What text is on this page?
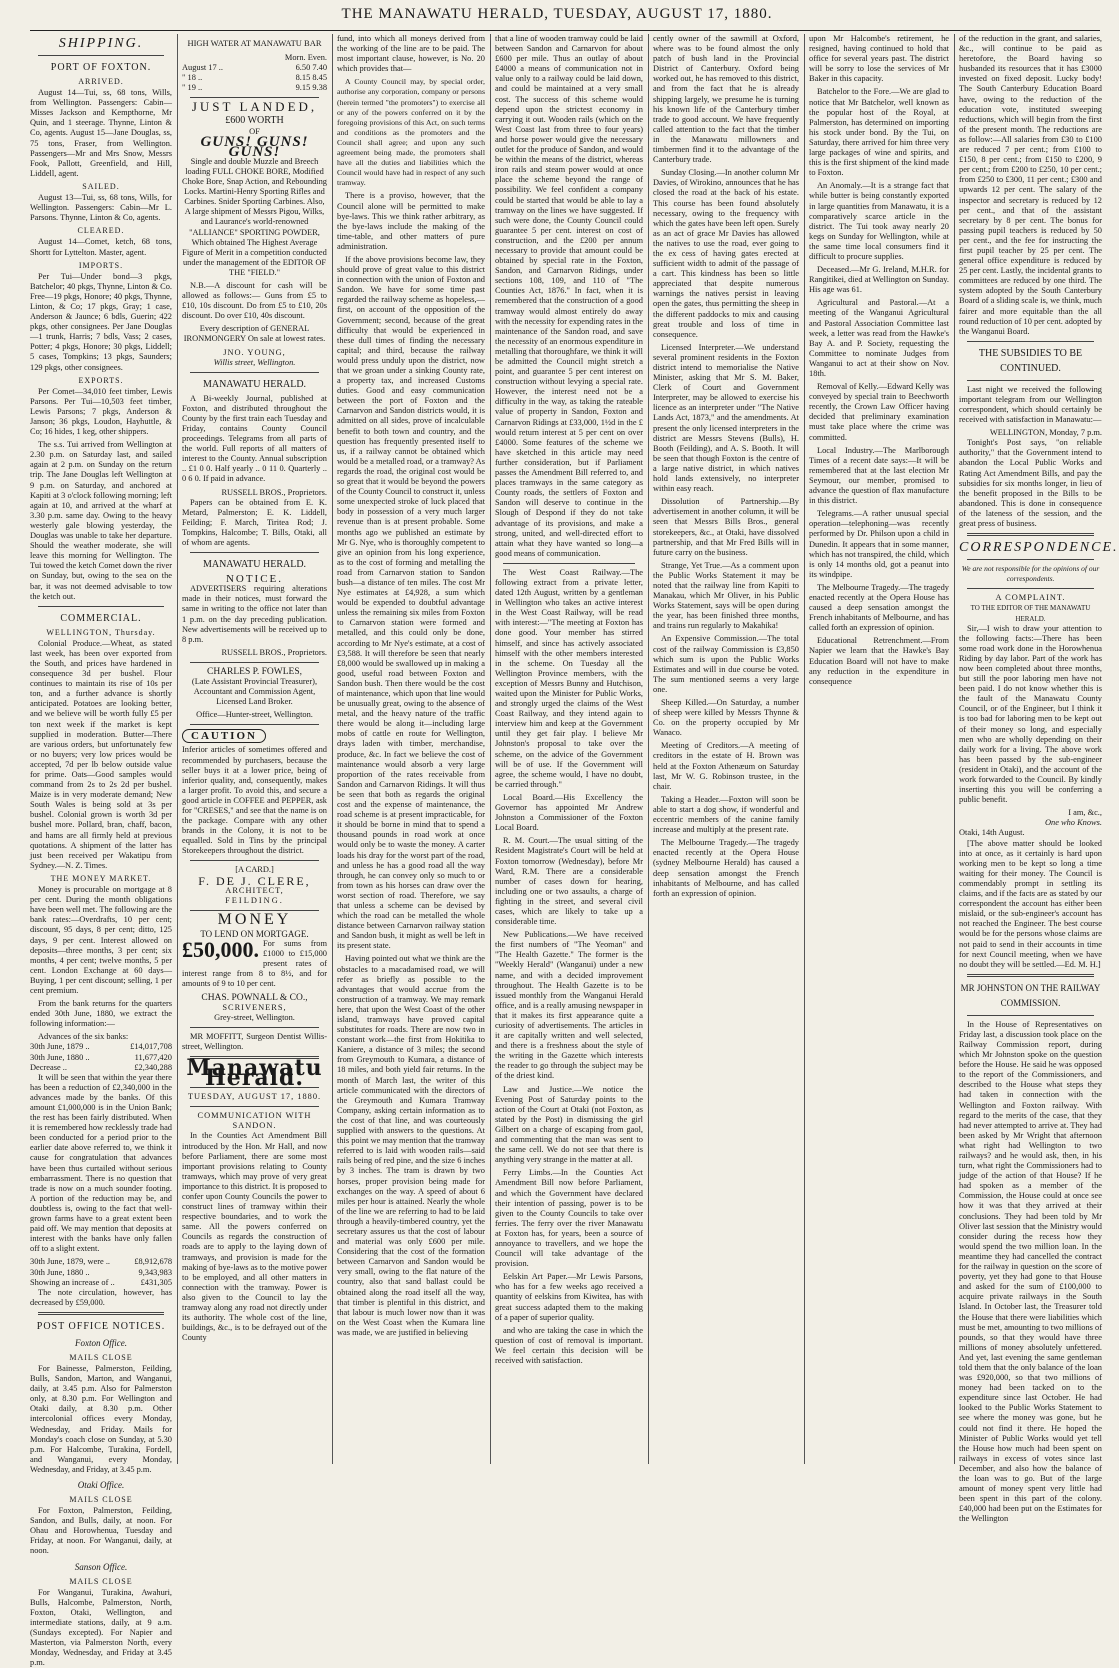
THE MANAWATU HERALD, TUESDAY, AUGUST 17, 1880.
SHIPPING.
PORT OF FOXTON.
ARRIVED.

August 14—Tui, ss, 68 tons, Wills, from Wellington. Passengers: Cabin—Misses Jackson and Kempthorne, Mr Quin, and 1 steerage. Thynne, Linton & Co, agents. August 15—Jane Douglas, ss, 75 tons, Fraser, from Wellington. Passengers—Mr and Mrs Snow, Messrs Fook, Pallott, Greenfield, and Hill, Liddell, agent.

SAILED.

August 13—Tui, ss, 68 tons, Wills, for Wellington. Passengers: Cabin—Mr L. Parsons. Thynne, Linton & Co, agents.

CLEARED.

August 14—Comet, ketch, 68 tons, Shortt for Lyttelton. Master, agent.

IMPORTS.

Per Tui—Under bond—3 pkgs, Batchelor; 40 pkgs, Thynne, Linton & Co. Free—19 pkgs, Honore; 40 pkgs, Thynne, Linton, & Co; 17 pkgs, Gray; 1 case, Anderson & Jaunce; 6 bdls, Guerin; 422 pkgs, other consignees. Per Jane Douglas—1 trunk, Harris; 7 bdls, Vass; 2 cases, Potter; 4 pkgs, Honore; 30 pkgs, Liddell; 5 cases, Tompkins; 13 pkgs, Saunders; 129 pkgs, other consignees.

EXPORTS.

Per Comet—34,010 feet timber, Lewis Parsons. Per Tui—10,503 feet timber, Lewis Parsons; 7 pkgs, Anderson & Janson; 36 pkgs, Loudon, Hayhuttle, & Co; 16 hides, 1 keg, other shippers.

The s.s. Tui arrived from Wellington at 2.30 p.m. on Saturday last, and sailed again at 2 p.m. on Sunday on the return trip. The Jane Douglas left Wellington at 9 p.m. on Saturday, and anchored at Kapiti at 3 o'clock following morning; left again at 10, and arrived at the wharf at 3.30 p.m. same day. Owing to the heavy westerly gale blowing yesterday, the Douglas was unable to take her departure. Should the weather moderate, she will leave this morning for Wellington. The Tui towed the ketch Comet down the river on Sunday, but, owing to the sea on the bar, it was not deemed advisable to tow the ketch out.

COMMERCIAL.
WELLINGTON, Thursday.

Colonial Produce.—Wheat, as stated last week, has been over exported from the South, and prices have hardened in consequence 3d per bushel. Flour continues to maintain its rise of 10s per ton, and a further advance is shortly anticipated. Potatoes are looking better, and we believe will be worth fully £5 per ton next week if the market is kept supplied in moderation. Butter—There are various orders, but unfortunately few or no buyers; very low prices would be accepted, 7d per lb below outside value for prime. Oats—Good samples would command from 2s to 2s 2d per bushel. Maize is in very moderate demand; New South Wales is being sold at 3s per bushel. Colonial grown is worth 3d per bushel more. Pollard, bran, chaff, bacon, and hams are all firmly held at previous quotations. A shipment of the latter has just been received per Wakatipu from Sydney.—N. Z. Times.

THE MONEY MARKET.

Money is procurable on mortgage at 8 per cent. During the month obligations have been well met. The following are the bank rates:—Overdrafts, 10 per cent; discount, 95 days, 8 per cent; ditto, 125 days, 9 per cent. Interest allowed on deposits—three months, 3 per cent; six months, 4 per cent; twelve months, 5 per cent. London Exchange at 60 days—Buying, 1 per cent discount; selling, 1 per cent premium.

From the bank returns for the quarters ended 30th June, 1880, we extract the following information:—

Advances of the six banks:
30th June, 1879 ..	£14,017,708
30th June, 1880 ..	11,677,420
Decrease ..	£2,340,288

It will be seen that within the year there has been a reduction of £2,340,000 in the advances made by the banks. Of this amount £1,000,000 is in the Union Bank; the rest has been fairly distributed. When it is remembered how recklessly trade had been conducted for a period prior to the earlier date above referred to, we think it cause for congratulation that advances have been thus curtailed without serious embarrassment. There is no question that trade is now on a much sounder footing. A portion of the reduction may be, and doubtless is, owing to the fact that well-grown farms have to a great extent been paid off. We may mention that deposits at interest with the banks have only fallen off to a slight extent.

30th June, 1879, were ..	£8,912,678
30th June, 1880 ..	9,343,983
Showing an increase of ..	£431,305

The note circulation, however, has decreased by £59,000.

POST OFFICE NOTICES.
Foxton Office.
MAILS CLOSE

For Bainesse, Palmerston, Feilding, Bulls, Sandon, Marton, and Wanganui, daily, at 3.45 p.m. Also for Palmerston only, at 8.30 p.m. For Wellington and Otaki daily, at 8.30 p.m. Other intercolonial offices every Monday, Wednesday, and Friday. Mails for Monday's coach close on Sunday, at 5.30 p.m. For Halcombe, Turakina, Fordell, and Wanganui, every Monday, Wednesday, and Friday, at 3.45 p.m.

Otaki Office.
MAILS CLOSE

For Foxton, Palmerston, Feilding, Sandon, and Bulls, daily, at noon. For Ohau and Horowhenua, Tuesday and Friday, at noon. For Wanganui, daily, at noon.

Sanson Office.
MAILS CLOSE

For Wanganui, Turakina, Awahuri, Bulls, Halcombe, Palmerston, North, Foxton, Otaki, Wellington, and intermediate stations, daily, at 9 a.m. (Sundays excepted). For Napier and Masterton, via Palmerston North, every Monday, Wednesday, and Friday at 3.45 p.m.

HIGH WATER AT MANAWATU BAR
Morn. Even.
August 17 ..	6.50 7.40
" 18 ..	8.15 8.45
" 19 ..	9.15 9.38
JUST LANDED,
£600 WORTH
OF
GUNS! GUNS! GUNS!

Single and double Muzzle and Breech loading FULL CHOKE BORE, Modified Choke Bore, Snap Action, and Rebounding Locks. Martini-Henry Sporting Rifles and Carbines. Snider Sporting Carbines. Also, A large shipment of Messrs Pigou, Wilks, and Laurance's world-renowned "ALLIANCE" SPORTING POWDER, Which obtained The Highest Average Figure of Merit in a competition conducted under the management of the EDITOR OF THE "FIELD."

N.B.—A discount for cash will be allowed as follows:— Guns from £5 to £10, 10s discount. Do from £5 to £10, 20s discount. Do over £10, 40s discount.

Every description of GENERAL IRONMONGERY On sale at lowest rates.

JNO. YOUNG,
Willis street, Wellington.
MANAWATU HERALD.

A Bi-weekly Journal, published at Foxton, and distributed throughout the County by the first train each Tuesday and Friday, contains County Council proceedings. Telegrams from all parts of the world. Full reports of all matters of interest to the County. Annual subscription .. £1 0 0. Half yearly .. 0 11 0. Quarterly .. 0 6 0. If paid in advance.

RUSSELL BROS., Proprietors.

Papers can be obtained from E. K. Metard, Palmerston; E. K. Liddell, Feilding; F. March, Tiritea Rod; J. Tompkins, Halcombe; T. Bills, Otaki, all of whom are agents.

MANAWATU HERALD.
NOTICE.

ADVERTISERS requiring alterations made in their notices, must forward the same in writing to the office not later than 1 p.m. on the day preceding publication. New advertisements will be received up to 8 p.m.

RUSSELL BROS., Proprietors.
CHARLES P. FOWLES,

(Late Assistant Provincial Treasurer), Accountant and Commission Agent, Licensed Land Broker.

Office—Hunter-street, Wellington.
CAUTION

Inferior articles of sometimes offered and recommended by purchasers, because the seller buys it at a lower price, being of inferior quality, and, consequently, makes a larger profit. To avoid this, and secure a good article in COFFEE and PEPPER, ask for "CRESES," and see that the name is on the package. Compare with any other brands in the Colony, it is not to be equalled. Sold in Tins by the principal Storekeepers throughout the district.

[A CARD.]
F. DE J. CLERE,
ARCHITECT,
FEILDING.
MONEY
TO LEND ON MORTGAGE.
£50,000. For sums from £1000 to £15,000 present rates of interest range from 8 to 8½, and for amounts of 9 to 10 per cent.
CHAS. POWNALL & CO.,
SCRIVENERS,
Grey-street, Wellington.

MR MOFFITT, Surgeon Dentist Willis-street, Wellington.

Manawatu Herald.
TUESDAY, AUGUST 17, 1880.
COMMUNICATION WITH SANDON.

In the Counties Act Amendment Bill introduced by the Hon. Mr Hall, and now before Parliament, there are some most important provisions relating to County tramways, which may prove of very great importance to this district. It is proposed to confer upon County Councils the power to construct lines of tramway within their respective boundaries, and to work the same. All the powers conferred on Councils as regards the construction of roads are to apply to the laying down of tramways, and provision is made for the making of bye-laws as to the motive power to be employed, and all other matters in connection with the tramway. Power is also given to the Council to lay the tramway along any road not directly under its authority. The whole cost of the line, buildings, &c., is to be defrayed out of the County

fund, into which all moneys derived from the working of the line are to be paid. The most important clause, however, is No. 20 which provides that—

A County Council may, by special order, authorise any corporation, company or persons (herein termed "the promoters") to exercise all or any of the powers conferred on it by the foregoing provisions of this Act, on such terms and conditions as the promoters and the Council shall agree; and upon any such agreement being made, the promoters shall have all the duties and liabilities which the Council would have had in respect of any such tramway.

There is a proviso, however, that the Council alone will be permitted to make bye-laws. This we think rather arbitrary, as the bye-laws include the making of the time-table, and other matters of pure administration.

If the above provisions become law, they should prove of great value to this district in connection with the union of Foxton and Sandon. We have for some time past regarded the railway scheme as hopeless,—first, on account of the opposition of the Government; second, because of the great difficulty that would be experienced in these dull times of finding the necessary capital; and third, because the railway would press unduly upon the district, now that we groan under a sinking County rate, a property tax, and increased Customs duties. Good and easy communication between the port of Foxton and the Carnarvon and Sandon districts would, it is admitted on all sides, prove of incalculable benefit to both town and country, and the question has frequently presented itself to us, if a railway cannot be obtained which would be a metalled road, or a tramway? As regards the road, the original cost would be so great that it would be beyond the powers of the County Council to construct it, unless some unexpected stroke of luck placed that body in possession of a very much larger revenue than is at present probable. Some months ago we published an estimate by Mr G. Nye, who is thoroughly competent to give an opinion from his long experience, as to the cost of forming and metalling the road from Carnarvon station to Sandon bush—a distance of ten miles. The cost Mr Nye estimates at £4,928, a sum which would be expended to doubtful advantage unless the remaining six miles from Foxton to Carnarvon station were formed and metalled, and this could only be done, according to Mr Nye's estimate, at a cost of £3,588. It will therefore be seen that nearly £8,000 would be swallowed up in making a good, useful road between Foxton and Sandon bush. Then there would be the cost of maintenance, which upon that line would be unusually great, owing to the absence of metal, and the heavy nature of the traffic there would be along it—including large mobs of cattle en route for Wellington, drays laden with timber, merchandise, produce, &c. In fact we believe the cost of maintenance would absorb a very large proportion of the rates receivable from Sandon and Carnarvon Ridings. It will thus be seen that both as regards the original cost and the expense of maintenance, the road scheme is at present impracticable, for it should be borne in mind that to spend a thousand pounds in road work at once would only be to waste the money. A carter loads his dray for the worst part of the road, and unless he has a good road all the way through, he can convey only so much to or from town as his horses can draw over the worst section of road. Therefore, we say that unless a scheme can be devised by which the road can be metalled the whole distance between Carnarvon railway station and Sandon bush, it might as well be left in its present state.

Having pointed out what we think are the obstacles to a macadamised road, we will refer as briefly as possible to the advantages that would accrue from the construction of a tramway. We may remark here, that upon the West Coast of the other island, tramways have proved capital substitutes for roads. There are now two in constant work—the first from Hokitika to Kaniere, a distance of 3 miles; the second from Greymouth to Kumara, a distance of 18 miles, and both yield fair returns. In the month of March last, the writer of this article communicated with the directors of the Greymouth and Kumara Tramway Company, asking certain information as to the cost of that line, and was courteously supplied with answers to the questions. At this point we may mention that the tramway referred to is laid with wooden rails—said rails being of red pine, and the size 6 inches by 3 inches. The tram is drawn by two horses, proper provision being made for exchanges on the way. A speed of about 6 miles per hour is attained. Nearly the whole of the line we are referring to had to be laid through a heavily-timbered country, yet the secretary assures us that the cost of labour and material was only £600 per mile. Considering that the cost of the formation between Carnarvon and Sandon would be very small, owing to the flat nature of the country, also that sand ballast could be obtained along the road itself all the way, that timber is plentiful in this district, and that labour is much lower now than it was on the West Coast when the Kumara line was made, we are justified in believing

that a line of wooden tramway could be laid between Sandon and Carnarvon for about £600 per mile. Thus an outlay of about £4000 a means of communication not in value only to a railway could be laid down, and could be maintained at a very small cost. The success of this scheme would depend upon the strictest economy in carrying it out. Wooden rails (which on the West Coast last from three to four years) and horse power would give the necessary outlet for the produce of Sandon, and would be within the means of the district, whereas iron rails and steam power would at once place the scheme beyond the range of possibility. We feel confident a company could be started that would be able to lay a tramway on the lines we have suggested. If such were done, the County Council could guarantee 5 per cent. interest on cost of construction, and the £200 per annum necessary to provide that amount could be obtained by special rate in the Foxton, Sandon, and Carnarvon Ridings, under sections 108, 109, and 110 of "The Counties Act, 1876." In fact, when it is remembered that the construction of a good tramway would almost entirely do away with the necessity for expending rates in the maintenance of the Sandon road, and save the necessity of an enormous expenditure in metalling that thoroughfare, we think it will be admitted the Council might stretch a point, and guarantee 5 per cent interest on construction without levying a special rate. However, the interest need not be a difficulty in the way, as taking the rateable value of property in Sandon, Foxton and Carnarvon Ridings at £33,000, 1½d in the £ would return interest at 5 per cent on over £4000. Some features of the scheme we have sketched in this article may need further consideration, but if Parliament passes the Amendment Bill referred to, and places tramways in the same category as County roads, the settlers of Foxton and Sandon will deserve to continue in the Slough of Despond if they do not take advantage of its provisions, and make a strong, united, and well-directed effort to attain what they have wanted so long—a good means of communication.

The West Coast Railway.—The following extract from a private letter, dated 12th August, written by a gentleman in Wellington who takes an active interest in the West Coast Railway, will be read with interest:—"The meeting at Foxton has done good. Your member has stirred himself, and since has actively associated himself with the other members interested in the scheme. On Tuesday all the Wellington Province members, with the exception of Messrs Bunny and Hutchison, waited upon the Minister for Public Works, and strongly urged the claims of the West Coast Railway, and they intend again to interview him and keep at the Government until they get fair play. I believe Mr Johnston's proposal to take over the scheme, on the advice of the Government will be of use. If the Government will agree, the scheme would, I have no doubt, be carried through."

Local Board.—His Excellency the Governor has appointed Mr Andrew Johnston a Commissioner of the Foxton Local Board.

R. M. Court.—The usual sitting of the Resident Magistrate's Court will be held at Foxton tomorrow (Wednesday), before Mr Ward, R.M. There are a considerable number of cases down for hearing, including one or two assaults, a charge of fighting in the street, and several civil cases, which are likely to take up a considerable time.

New Publications.—We have received the first numbers of "The Yeoman" and "The Health Gazette." The former is the "Weekly Herald" (Wanganui) under a new name, and with a decided improvement throughout. The Health Gazette is to be issued monthly from the Wanganui Herald office, and is a really amusing newspaper in that it makes its first appearance quite a curiosity of advertisements. The articles in it are capitally written and well selected, and there is a freshness about the style of the writing in the Gazette which interests the reader to go through the subject may be of the driest kind.

Law and Justice.—We notice the Evening Post of Saturday points to the action of the Court at Otaki (not Foxton, as stated by the Post) in dismissing the girl Gilbert on a charge of escaping from gaol, and commenting that the man was sent to the same cell. We do not see that there is anything very strange in the matter at all.

Ferry Limbs.—In the Counties Act Amendment Bill now before Parliament, and which the Government have declared their intention of passing, power is to be given to the County Councils to take over ferries. The ferry over the river Manawatu at Foxton has, for years, been a source of annoyance to travellers, and we hope the Council will take advantage of the provision.

Eelskin Art Paper.—Mr Lewis Parsons, who has for a few weeks ago received a quantity of eelskins from Kiwitea, has with great success adapted them to the making of a paper of superior quality.

and who are taking the case in which the question of cost of removal is important. We feel certain this decision will be received with satisfaction.

cently owner of the sawmill at Oxford, where was to be found almost the only patch of bush land in the Provincial District of Canterbury. Oxford being worked out, he has removed to this district, and from the fact that he is already shipping largely, we presume he is turning his known life of the Canterbury timber trade to good account. We have frequently called attention to the fact that the timber in the Manawatu millowners and timbermen find it to the advantage of the Canterbury trade.

Sunday Closing.—In another column Mr Davies, of Wirokino, announces that he has closed the road at the back of his estate. This course has been found absolutely necessary, owing to the frequency with which the gates have been left open. Surely as an act of grace Mr Davies has allowed the natives to use the road, ever going to the ex cess of having gates erected at sufficient width to admit of the passage of a cart. This kindness has been so little appreciated that despite numerous warnings the natives persist in leaving open the gates, thus permitting the sheep in the different paddocks to mix and causing great trouble and loss of time in consequence.

Licensed Interpreter.—We understand several prominent residents in the Foxton district intend to memorialise the Native Minister, asking that Mr S. M. Baker, Clerk of Court and Government Interpreter, may be allowed to exercise his licence as an interpreter under "The Native Lands Act, 1873," and the amendments. At present the only licensed interpreters in the district are Messrs Stevens (Bulls), H. Booth (Feilding), and A. S. Booth. It will be seen that though Foxton is the centre of a large native district, in which natives hold lands extensively, no interpreter within easy reach.

Dissolution of Partnership.—By advertisement in another column, it will be seen that Messrs Bills Bros., general storekeepers, &c., at Otaki, have dissolved partnership, and that Mr Fred Bills will in future carry on the business.

Strange, Yet True.—As a comment upon the Public Works Statement it may be noted that the railway line from Kapiti to Manakau, which Mr Oliver, in his Public Works Statement, says will be open during the year, has been finished three months, and trains run regularly to Makahika!

An Expensive Commission.—The total cost of the railway Commission is £3,850 which sum is upon the Public Works Estimates and will in due course be voted. The sum mentioned seems a very large one.

Sheep Killed.—On Saturday, a number of sheep were killed by Messrs Thynne & Co. on the property occupied by Mr Wanaco.

Meeting of Creditors.—A meeting of creditors in the estate of H. Brown was held at the Foxton Athenæum on Saturday last, Mr W. G. Robinson trustee, in the chair.

Taking a Header.—Foxton will soon be able to start a dog show, if wonderful and eccentric members of the canine family increase and multiply at the present rate.

The Melbourne Tragedy.—The tragedy enacted recently at the Opera House (sydney Melbourne Herald) has caused a deep sensation amongst the French inhabitants of Melbourne, and has called forth an expression of opinion.

upon Mr Halcombe's retirement, he resigned, having continued to hold that office for several years past. The district will be sorry to lose the services of Mr Baker in this capacity.

Batchelor to the Fore.—We are glad to notice that Mr Batchelor, well known as the popular host of the Royal, at Palmerston, has determined on importing his stock under bond. By the Tui, on Saturday, there arrived for him three very large packages of wine and spirits, and this is the first shipment of the kind made to Foxton.

An Anomaly.—It is a strange fact that while butter is being constantly exported in large quantities from Manawatu, it is a comparatively scarce article in the district. The Tui took away nearly 20 kegs on Sunday for Wellington, while at the same time local consumers find it difficult to procure supplies.

Deceased.—Mr G. Ireland, M.H.R. for Rangitikei, died at Wellington on Sunday. His age was 61.

Agricultural and Pastoral.—At a meeting of the Wanganui Agricultural and Pastoral Association Committee last week, a letter was read from the Hawke's Bay A. and P. Society, requesting the Committee to nominate Judges from Wanganui to act at their show on Nov. 18th.

Removal of Kelly.—Edward Kelly was conveyed by special train to Beechworth recently, the Crown Law Officer having decided that preliminary examination must take place where the crime was committed.

Local Industry.—The Marlborough Times of a recent date says:—It will be remembered that at the last election Mr Seymour, our member, promised to advance the question of flax manufacture in this district.

Telegrams.—A rather unusual special operation—telephoning—was recently performed by Dr. Philson upon a child in Dunedin. It appears that in some manner, which has not transpired, the child, which is only 14 months old, got a peanut into its windpipe.

The Melbourne Tragedy.—The tragedy enacted recently at the Opera House has caused a deep sensation amongst the French inhabitants of Melbourne, and has called forth an expression of opinion.

Educational Retrenchment.—From Napier we learn that the Hawke's Bay Education Board will not have to make any reduction in the expenditure in consequence

of the reduction in the grant, and salaries, &c., will continue to be paid as heretofore, the Board having so husbanded its resources that it has £3000 invested on fixed deposit. Lucky body! The South Canterbury Education Board have, owing to the reduction of the education vote, instituted sweeping reductions, which will begin from the first of the present month. The reductions are as follow:—All salaries from £30 to £100 are reduced 7 per cent.; from £100 to £150, 8 per cent.; from £150 to £200, 9 per cent.; from £200 to £250, 10 per cent.; from £250 to £300, 11 per cent.; £300 and upwards 12 per cent. The salary of the inspector and secretary is reduced by 12 per cent., and that of the assistant secretary by 8 per cent. The bonus for passing pupil teachers is reduced by 50 per cent., and the fee for instructing the first pupil teacher by 25 per cent. The general office expenditure is reduced by 25 per cent. Lastly, the incidental grants to committees are reduced by one third. The system adopted by the South Canterbury Board of a sliding scale is, we think, much fairer and more equitable than the all round reduction of 10 per cent. adopted by the Wanganui Board.

THE SUBSIDIES TO BE CONTINUED.

Last night we received the following important telegram from our Wellington correspondent, which should certainly be received with satisfaction in Manawatu:—

WELLINGTON, Monday, 7 p.m.

Tonight's Post says, "on reliable authority," that the Government intend to abandon the Local Public Works and Rating Act Amendment Bills, and pay the subsidies for six months longer, in lieu of the benefit proposed in the Bills to be abandoned. This is done in consequence of the lateness of the session, and the great press of business.

CORRESPONDENCE.
We are not responsible for the opinions of our correspondents.
A COMPLAINT.
TO THE EDITOR OF THE MANAWATU HERALD.

Sir,—I wish to draw your attention to the following facts:—There has been some road work done in the Horowhenua Riding by day labor. Part of the work has now been completed about three months, but still the poor laboring men have not been paid. I do not know whether this is the fault of the Manawatu County Council, or of the Engineer, but I think it is too bad for laboring men to be kept out of their money so long, and especially men who are wholly depending on their daily work for a living. The above work has been passed by the sub-engineer (resident in Otaki), and the account of the work forwarded to the Council. By kindly inserting this you will be conferring a public benefit.

I am, &c.,
One who Knows.
Otaki, 14th August.

[The above matter should be looked into at once, as it certainly is hard upon working men to be kept so long a time waiting for their money. The Council is commendably prompt in settling its claims, and if the facts are as stated by our correspondent the account has either been mislaid, or the sub-engineer's account has not reached the Engineer. The best course would be for the persons whose claims are not paid to send in their accounts in time for next Council meeting, when we have no doubt they will be settled.—Ed. M. H.]

MR JOHNSTON ON THE RAILWAY COMMISSION.

In the House of Representatives on Friday last, a discussion took place on the Railway Commission report, during which Mr Johnston spoke on the question before the House. He said he was opposed to the report of the Commissioners, and described to the House what steps they had taken in connection with the Wellington and Foxton railway. With regard to the merits of the case, that they had never attempted to arrive at. They had been asked by Mr Wright that afternoon what right had Wellington to two railways? and he would ask, then, in his turn, what right the Commissioners had to judge of the action of that House? If he had spoken as a member of the Commission, the House could at once see how it was that they arrived at their conclusions. They had been told by Mr Oliver last session that the Ministry would consider during the recess how they would spend the two million loan. In the meantime they had cancelled the contract for the railway in question on the score of poverty, yet they had gone to that House and asked for the sum of £100,000 to acquire private railways in the South Island. In October last, the Treasurer told the House that there were liabilities which must be met, amounting to two millions of pounds, so that they would have three millions of money absolutely unfettered. And yet, last evening the same gentleman told them that the only balance of the loan was £920,000, so that two millions of money had been tacked on to the expenditure since last October. He had looked to the Public Works Statement to see where the money was gone, but he could not find it there. He hoped the Minister of Public Works would yet tell the House how much had been spent on railways in excess of votes since last December, and also how the balance of the loan was to go. But of the large amount of money spent very little had been spent in this part of the colony. £40,000 had been put on the Estimates for the Wellington
